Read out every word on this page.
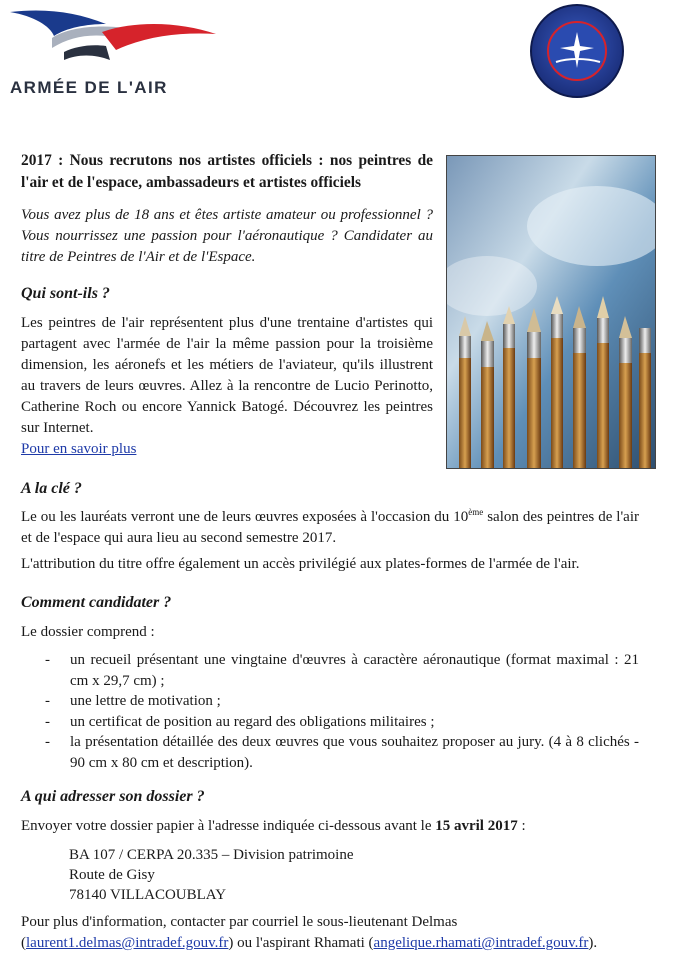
ARMÉE DE L'AIR

2017 : Nous recrutons nos artistes officiels : nos peintres de l'air et de l'espace, ambassadeurs et artistes officiels

Vous avez plus de 18 ans et êtes artiste amateur ou professionnel ? Vous nourrissez une passion pour l'aéronautique ? Candidater au titre de Peintres de l'Air et de l'Espace.

Qui sont-ils ?

Les peintres de l'air représentent plus d'une trentaine d'artistes qui partagent avec l'armée de l'air la même passion pour la troisième dimension, les aéronefs et les métiers de l'aviateur, qu'ils illustrent au travers de leurs œuvres. Allez à la rencontre de Lucio Perinotto, Catherine Roch ou encore Yannick Batogé. Découvrez les peintres sur Internet.

Pour en savoir plus
A la clé ?

Le ou les lauréats verront une de leurs œuvres exposées à l'occasion du 10ème salon des peintres de l'air et de l'espace qui aura lieu au second semestre 2017.

L'attribution du titre offre également un accès privilégié aux plates-formes de l'armée de l'air.

Comment candidater ?

Le dossier comprend :

- un recueil présentant une vingtaine d'œuvres à caractère aéronautique (format maximal : 21 cm x 29,7 cm) ;
- une lettre de motivation ;
- un certificat de position au regard des obligations militaires ;
- la présentation détaillée des deux œuvres que vous souhaitez proposer au jury. (4 à 8 clichés - 90 cm x 80 cm et description).
A qui adresser son dossier ?

Envoyer votre dossier papier à l'adresse indiquée ci-dessous avant le 15 avril 2017 :

BA 107 / CERPA 20.335 – Division patrimoine
Route de Gisy
78140 VILLACOUBLAY

Pour plus d'information, contacter par courriel le sous-lieutenant Delmas (laurent1.delmas@intradef.gouv.fr) ou l'aspirant Rhamati (angelique.rhamati@intradef.gouv.fr).
